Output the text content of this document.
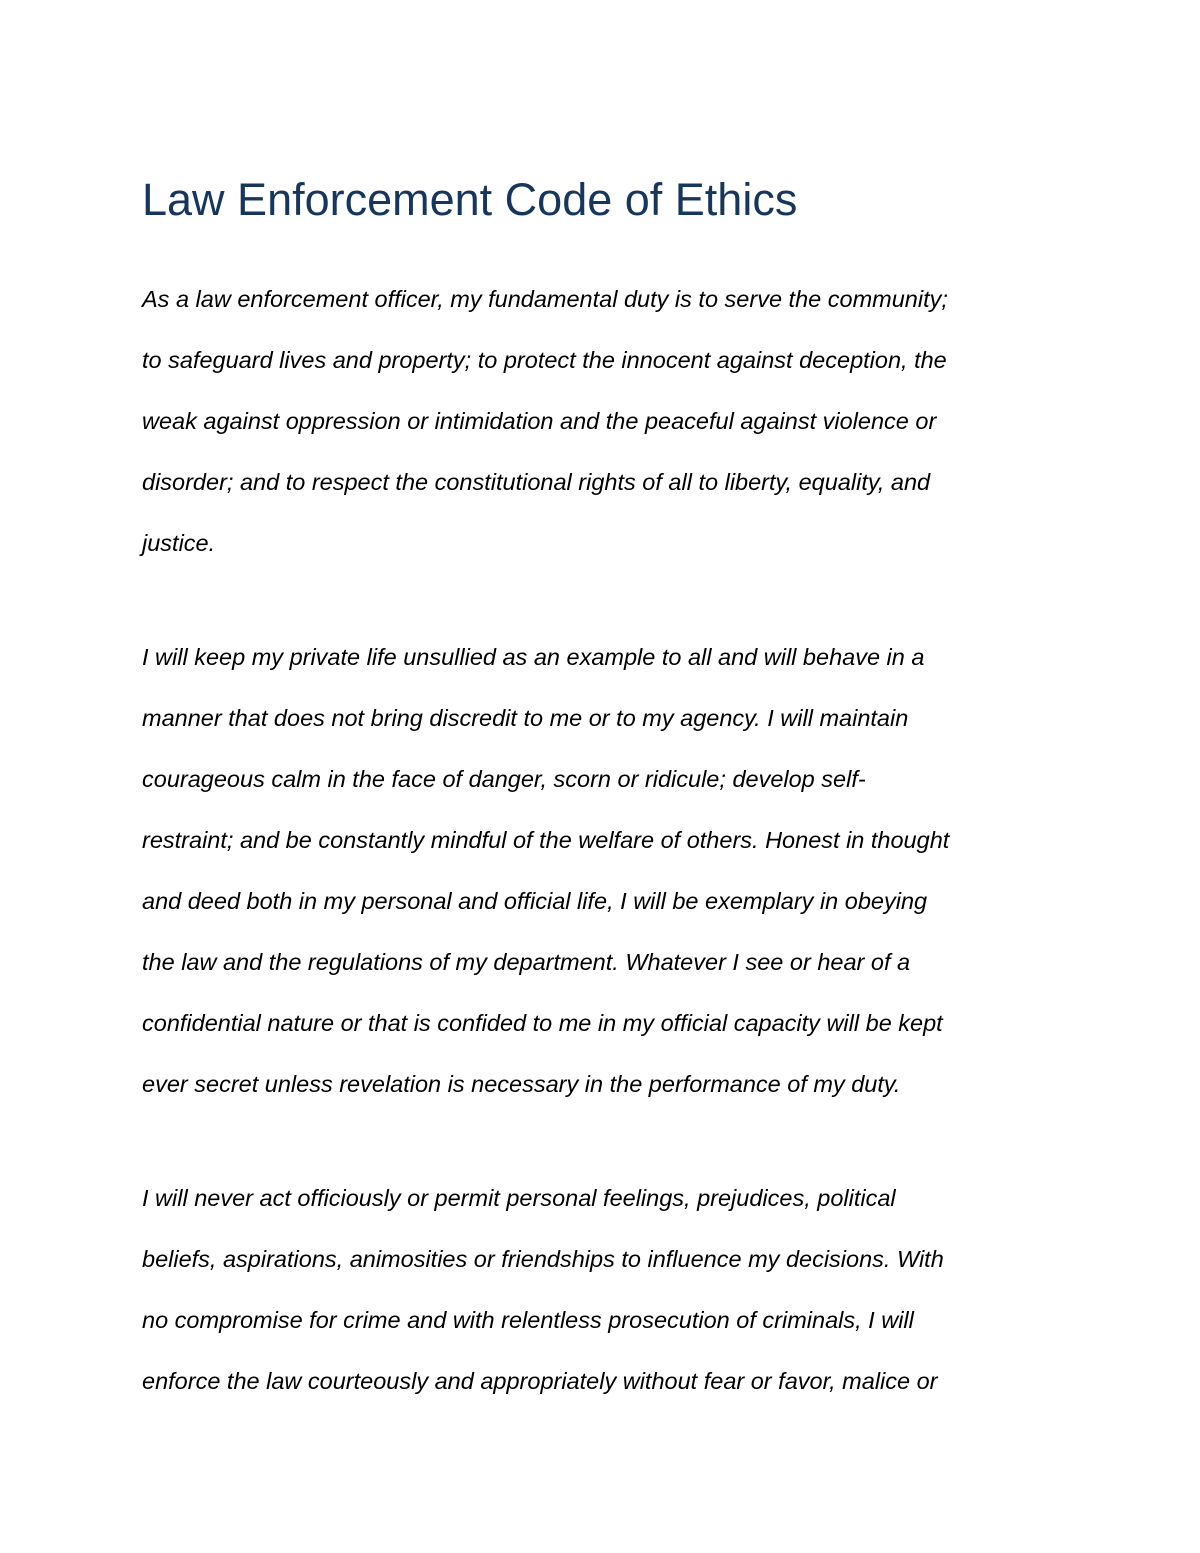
Law Enforcement Code of Ethics

As a law enforcement officer, my fundamental duty is to serve the community;

to safeguard lives and property; to protect the innocent against deception, the

weak against oppression or intimidation and the peaceful against violence or

disorder; and to respect the constitutional rights of all to liberty, equality, and

justice.

I will keep my private life unsullied as an example to all and will behave in a

manner that does not bring discredit to me or to my agency. I will maintain

courageous calm in the face of danger, scorn or ridicule; develop self-

restraint; and be constantly mindful of the welfare of others. Honest in thought

and deed both in my personal and official life, I will be exemplary in obeying

the law and the regulations of my department. Whatever I see or hear of a

confidential nature or that is confided to me in my official capacity will be kept

ever secret unless revelation is necessary in the performance of my duty.

I will never act officiously or permit personal feelings, prejudices, political

beliefs, aspirations, animosities or friendships to influence my decisions. With

no compromise for crime and with relentless prosecution of criminals, I will

enforce the law courteously and appropriately without fear or favor, malice or
